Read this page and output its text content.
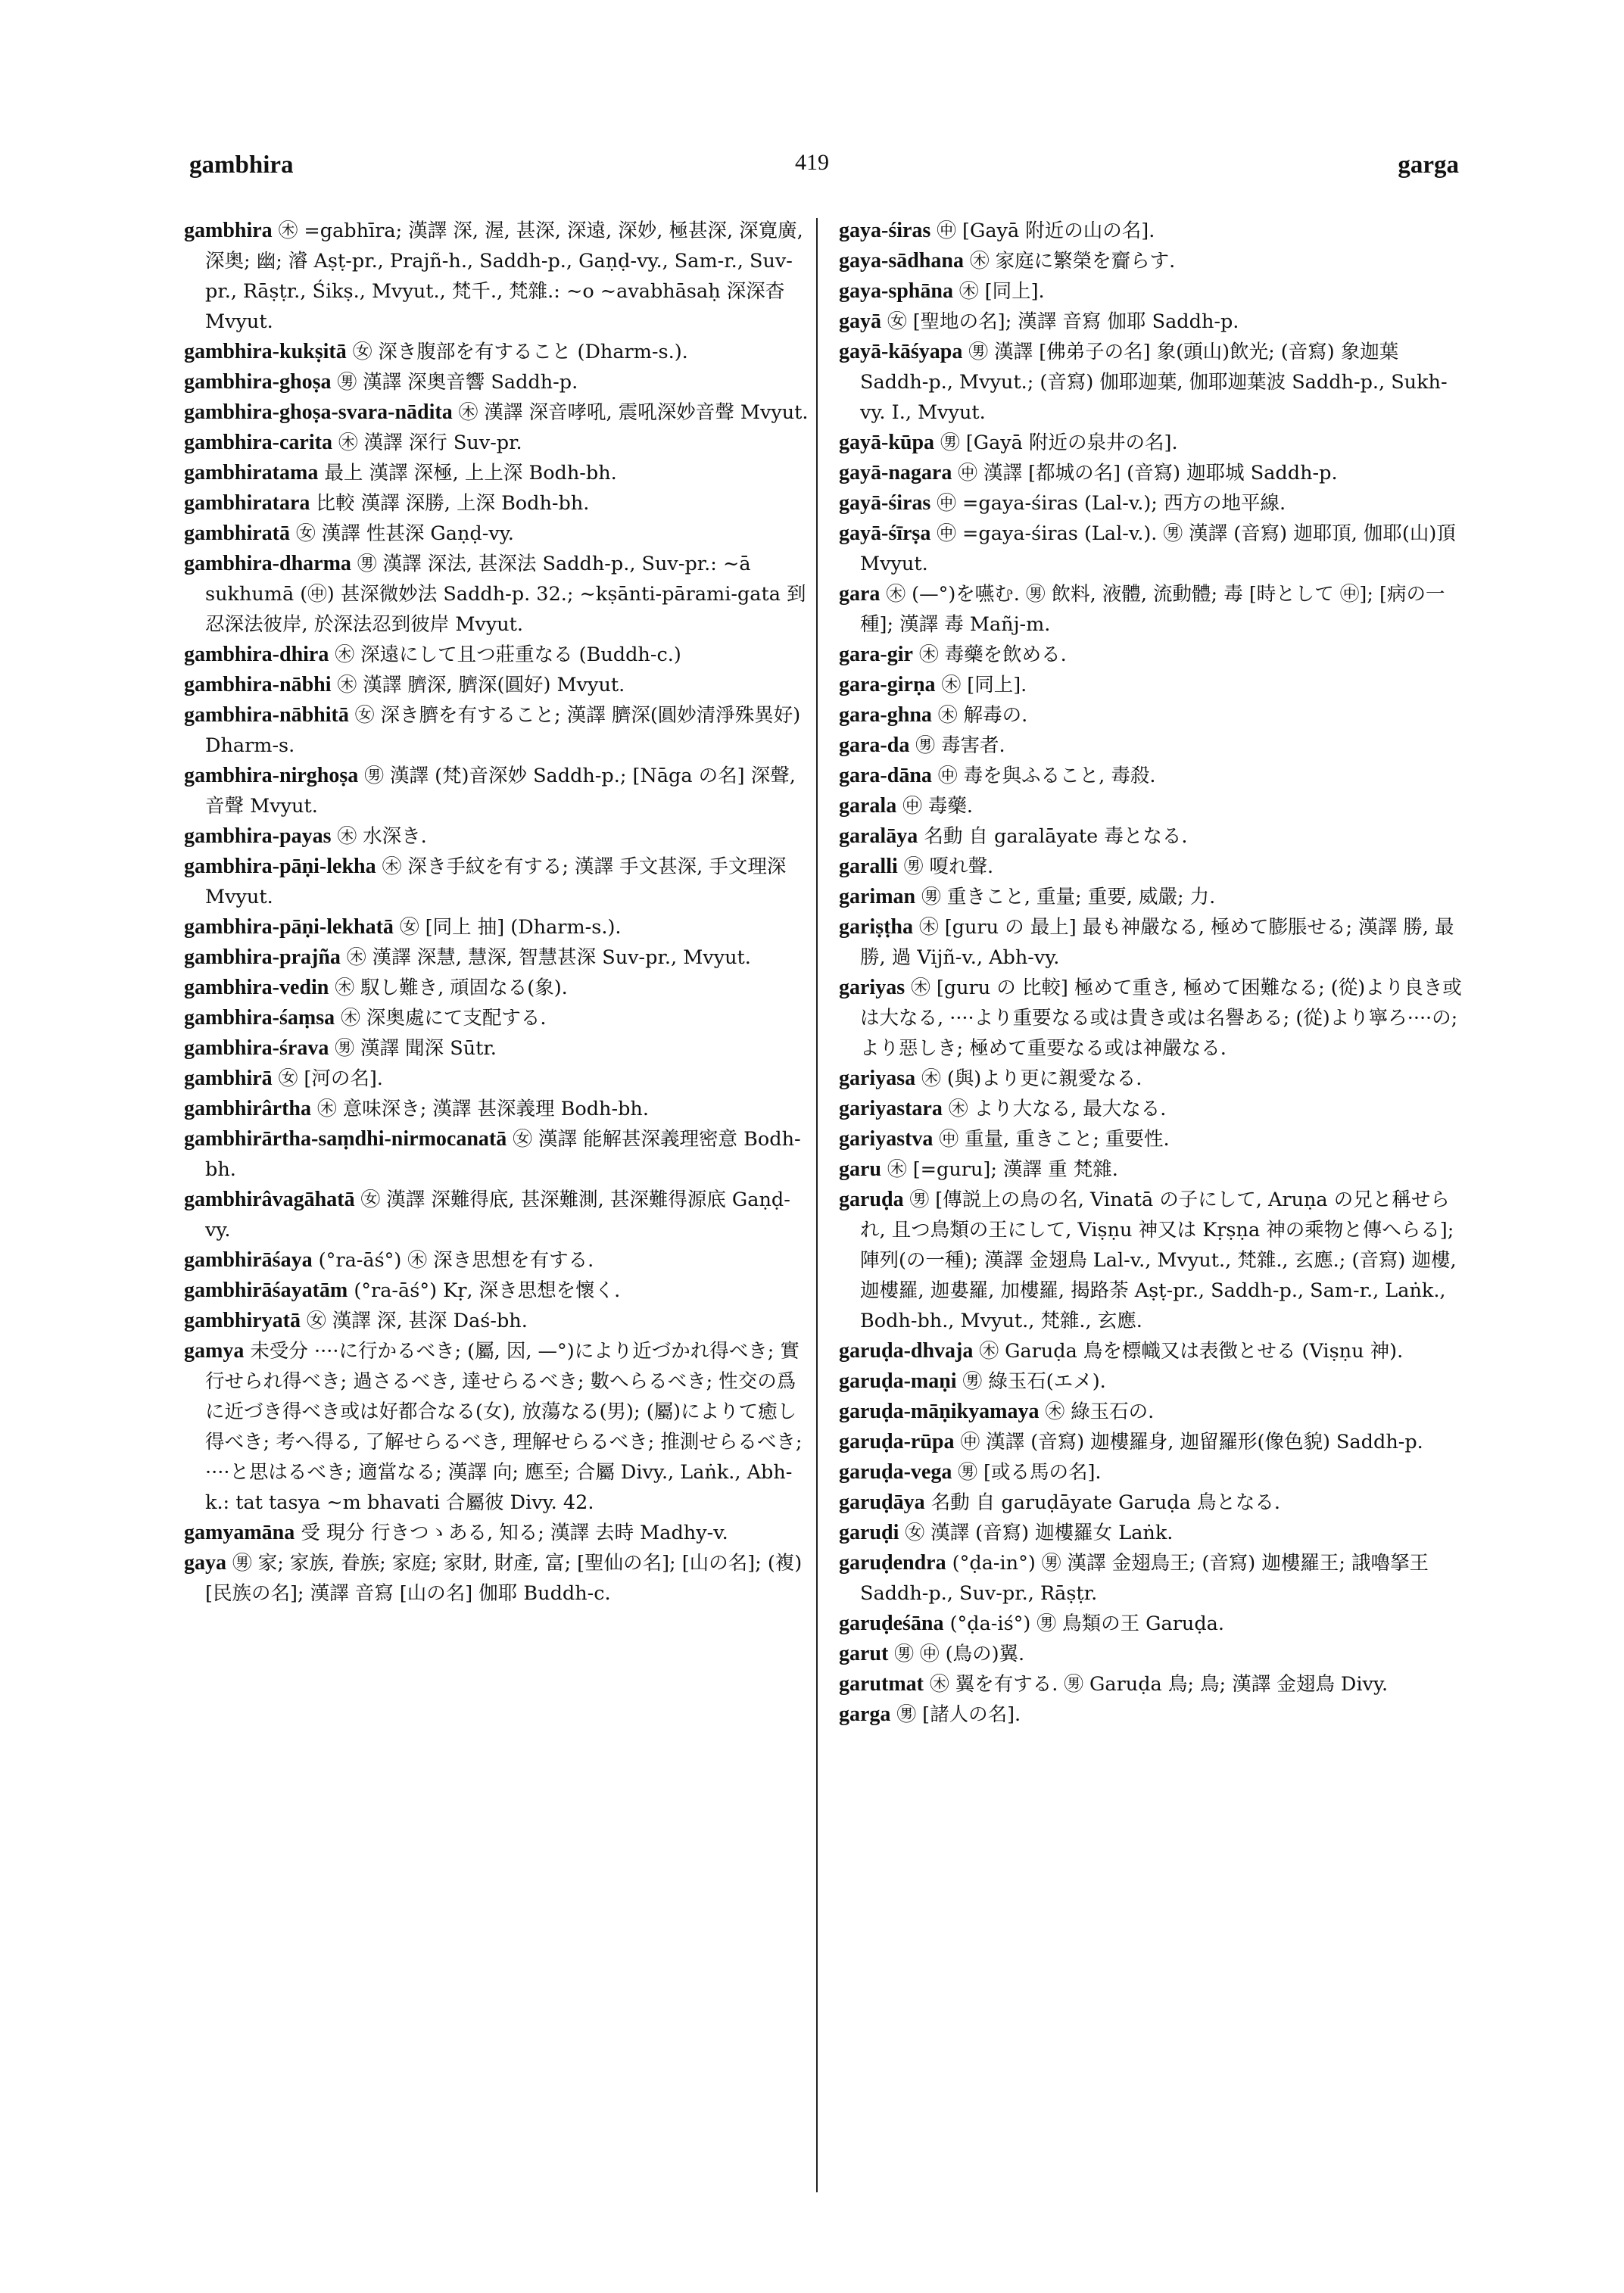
gambhira	419	garga

gambhira ㊍ =gabhīra; 漢譯 深, 渥, 甚深, 深遠, 深妙, 極甚深, 深寛廣, 深奥; 幽; 濬 Aṣṭ-pr., Prajñ-h., Saddh-p., Gaṇḍ-vy., Sam-r., Suv-pr., Rāṣṭr., Śikṣ., Mvyut., 梵千., 梵雜.: ∼o ∼avabhāsaḥ 深深杳 Mvyut.

gambhira-kukṣitā ㊛ 深き腹部を有すること (Dharm-s.).

gambhira-ghoṣa ㊚ 漢譯 深奥音響 Saddh-p.

gambhira-ghoṣa-svara-nādita ㊍ 漢譯 深音哮吼, 震吼深妙音聲 Mvyut.

gambhira-carita ㊍ 漢譯 深行 Suv-pr.

gambhiratama 最上 漢譯 深極, 上上深 Bodh-bh.

gambhiratara 比較 漢譯 深勝, 上深 Bodh-bh.

gambhiratā ㊛ 漢譯 性甚深 Gaṇḍ-vy.

gambhira-dharma ㊚ 漢譯 深法, 甚深法 Saddh-p., Suv-pr.: ∼ā sukhumā (㊥) 甚深微妙法 Saddh-p. 32.; ∼kṣānti-pārami-gata 到忍深法彼岸, 於深法忍到彼岸 Mvyut.

gambhira-dhira ㊍ 深遠にして且つ莊重なる (Buddh-c.)

gambhira-nābhi ㊍ 漢譯 臍深, 臍深(圓好) Mvyut.

gambhira-nābhitā ㊛ 深き臍を有すること; 漢譯 臍深(圓妙清淨殊異好) Dharm-s.

gambhira-nirghoṣa ㊚ 漢譯 (梵)音深妙 Saddh-p.; [Nāga の名] 深聲, 音聲 Mvyut.

gambhira-payas ㊍ 水深き.

gambhira-pāṇi-lekha ㊍ 深き手紋を有する; 漢譯 手文甚深, 手文理深 Mvyut.

gambhira-pāṇi-lekhatā ㊛ [同上 抽] (Dharm-s.).

gambhira-prajña ㊍ 漢譯 深慧, 慧深, 智慧甚深 Suv-pr., Mvyut.

gambhira-vedin ㊍ 馭し難き, 頑固なる(象).

gambhira-śaṃsa ㊍ 深奥處にて支配する.

gambhira-śrava ㊚ 漢譯 聞深 Sūtr.

gambhirā ㊛ [河の名].

gambhirârtha ㊍ 意味深き; 漢譯 甚深義理 Bodh-bh.

gambhirārtha-saṃdhi-nirmocanatā ㊛ 漢譯 能解甚深義理密意 Bodh-bh.

gambhirâvagāhatā ㊛ 漢譯 深難得底, 甚深難測, 甚深難得源底 Gaṇḍ-vy.

gambhirāśaya (°ra-āś°) ㊍ 深き思想を有する.

gambhirāśayatām (°ra-āś°) Kṛ, 深き思想を懷く.

gambhiryatā ㊛ 漢譯 深, 甚深 Daś-bh.

gamya 未受分 ····に行かるべき; (屬, 因, —°)により近づかれ得べき; 實行せられ得べき; 過さるべき, 達せらるべき; 數へらるべき; 性交の爲に近づき得べき或は好都合なる(女), 放蕩なる(男); (屬)によりて癒し得べき; 考へ得る, 了解せらるべき, 理解せらるべき; 推測せらるべき; ····と思はるべき; 適當なる; 漢譯 向; 應至; 合屬 Divy., Laṅk., Abh-k.: tat tasya ∼m bhavati 合屬彼 Divy. 42.

gamyamāna 受 現分 行きつゝある, 知る; 漢譯 去時 Madhy-v.

gaya ㊚ 家; 家族, 眷族; 家庭; 家財, 財產, 富; [聖仙の名]; [山の名]; (複) [民族の名]; 漢譯 音寫 [山の名] 伽耶 Buddh-c.

gaya-śiras ㊥ [Gayā 附近の山の名].

gaya-sādhana ㊍ 家庭に繁榮を齎らす.

gaya-sphāna ㊍ [同上].

gayā ㊛ [聖地の名]; 漢譯 音寫 伽耶 Saddh-p.

gayā-kāśyapa ㊚ 漢譯 [佛弟子の名] 象(頭山)飲光; (音寫) 象迦葉 Saddh-p., Mvyut.; (音寫) 伽耶迦葉, 伽耶迦葉波 Saddh-p., Sukh-vy. I., Mvyut.

gayā-kūpa ㊚ [Gayā 附近の泉井の名].

gayā-nagara ㊥ 漢譯 [都城の名] (音寫) 迦耶城 Saddh-p.

gayā-śiras ㊥ =gaya-śiras (Lal-v.); 西方の地平線.

gayā-śīrṣa ㊥ =gaya-śiras (Lal-v.). ㊚ 漢譯 (音寫) 迦耶頂, 伽耶(山)頂 Mvyut.

gara ㊍ (—°)を嚥む. ㊚ 飲料, 液體, 流動體; 毒 [時として ㊥]; [病の一種]; 漢譯 毒 Mañj-m.

gara-gir ㊍ 毒藥を飲める.

gara-girṇa ㊍ [同上].

gara-ghna ㊍ 解毒の.

gara-da ㊚ 毒害者.

gara-dāna ㊥ 毒を與ふること, 毒殺.

garala ㊥ 毒藥.

garalāya 名動 自 garalāyate 毒となる.

garalli ㊚ 嗄れ聲.

gariman ㊚ 重きこと, 重量; 重要, 威嚴; 力.

gariṣṭha ㊍ [guru の 最上] 最も神嚴なる, 極めて膨脹せる; 漢譯 勝, 最勝, 過 Vijñ-v., Abh-vy.

gariyas ㊍ [guru の 比較] 極めて重き, 極めて困難なる; (從)より良き或は大なる, ····より重要なる或は貴き或は名譽ある; (從)より寧ろ····の; より惡しき; 極めて重要なる或は神嚴なる.

gariyasa ㊍ (與)より更に親愛なる.

gariyastara ㊍ より大なる, 最大なる.

gariyastva ㊥ 重量, 重きこと; 重要性.

garu ㊍ [=guru]; 漢譯 重 梵雜.

garuḍa ㊚ [傳説上の鳥の名, Vinatā の子にして, Aruṇa の兄と稱せられ, 且つ鳥類の王にして, Viṣṇu 神又は Kṛṣṇa 神の乘物と傳へらる]; 陣列(の一種); 漢譯 金翅鳥 Lal-v., Mvyut., 梵雜., 玄應.; (音寫) 迦樓, 迦樓羅, 迦婁羅, 加樓羅, 揭路荼 Aṣṭ-pr., Saddh-p., Sam-r., Laṅk., Bodh-bh., Mvyut., 梵雜., 玄應.

garuḍa-dhvaja ㊍ Garuḍa 鳥を標幟又は表徴とせる (Viṣṇu 神).

garuḍa-maṇi ㊚ 綠玉石(エメ).

garuḍa-māṇikyamaya ㊍ 綠玉石の.

garuḍa-rūpa ㊥ 漢譯 (音寫) 迦樓羅身, 迦留羅形(像色貌) Saddh-p.

garuḍa-vega ㊚ [或る馬の名].

garuḍāya 名動 自 garuḍāyate Garuḍa 鳥となる.

garuḍi ㊛ 漢譯 (音寫) 迦樓羅女 Laṅk.

garuḍendra (°ḍa-in°) ㊚ 漢譯 金翅鳥王; (音寫) 迦樓羅王; 誐嚕拏王 Saddh-p., Suv-pr., Rāṣṭr.

garuḍeśāna (°ḍa-iś°) ㊚ 鳥類の王 Garuḍa.

garut ㊚ ㊥ (鳥の)翼.

garutmat ㊍ 翼を有する. ㊚ Garuḍa 鳥; 鳥; 漢譯 金翅鳥 Divy.

garga ㊚ [諸人の名].
